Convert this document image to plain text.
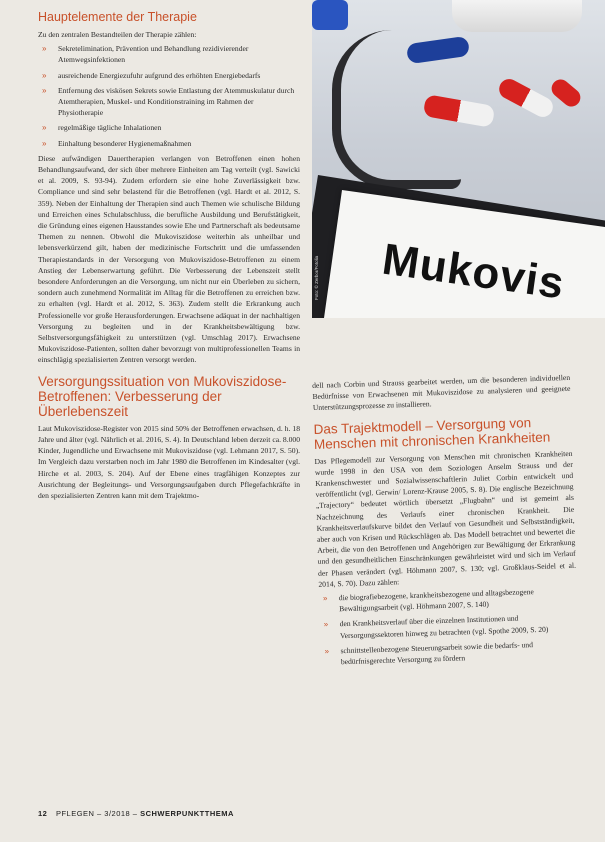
Mukovis
Foto: © Zerbor/Fotolia
Hauptelemente der Therapie

Zu den zentralen Bestandteilen der Therapie zählen:

» Sekretelimination, Prävention und Behandlung rezidivierender Atemwegsinfektionen
» ausreichende Energiezufuhr aufgrund des erhöhten Energiebedarfs
» Entfernung des viskösen Sekrets sowie Entlastung der Atemmuskulatur durch Atemtherapien, Muskel- und Konditionstraining im Rahmen der Physiotherapie
» regelmäßige tägliche Inhalationen
» Einhaltung besonderer Hygienemaßnahmen

Diese aufwändigen Dauertherapien verlangen von Betroffenen einen hohen Behandlungsaufwand, der sich über mehrere Einheiten am Tag verteilt (vgl. Sawicki et al. 2009, S. 93-94). Zudem erfordern sie eine hohe Zuverlässigkeit bzw. Compliance und sind sehr belastend für die Betroffenen (vgl. Hardt et al. 2012, S. 359). Neben der Einhaltung der Therapien sind auch Themen wie schulische Bildung und Erreichen eines Schulabschluss, die berufliche Ausbildung und Berufstätigkeit, die Gründung eines eigenen Hausstandes sowie Ehe und Partnerschaft als bedeutsame Themen zu nennen. Obwohl die Mukoviszidose weiterhin als unheilbar und lebensverkürzend gilt, haben der medizinische Fortschritt und die umfassenden Therapiestandards in der Versorgung von Mukoviszidose-Betroffenen zu einem Anstieg der Lebenserwartung geführt. Die Verbesserung der Lebenszeit stellt besondere Anforderungen an die Versorgung, um nicht nur ein Überleben zu sichern, sondern auch zunehmend Normalität im Alltag für die Betroffenen zu erreichen bzw. zu erhalten (vgl. Hardt et al. 2012, S. 363). Zudem stellt die Erkrankung auch Professionelle vor große Herausforderungen. Erwachsene adäquat in der nachhaltigen Versorgung zu begleiten und in der Krankheitsbewältigung bzw. Selbstversorgungsfähigkeit zu unterstützen (vgl. Umschlag 2017). Erwachsene Mukoviszidose-Patienten, sollten daher bevorzugt von multiprofessionellen Teams in einschlägig spezialisierten Zentren versorgt werden.

Versorgungssituation von Mukoviszidose-Betroffenen: Verbesserung der Überlebenszeit

Laut Mukoviszidose-Register von 2015 sind 50% der Betroffenen erwachsen, d. h. 18 Jahre und älter (vgl. Nährlich et al. 2016, S. 4). In Deutschland leben derzeit ca. 8.000 Kinder, Jugendliche und Erwachsene mit Mukoviszidose (vgl. Lehmann 2017, S. 50). Im Vergleich dazu verstarben noch im Jahr 1980 die Betroffenen im Kindesalter (vgl. Hirche et al. 2003, S. 204). Auf der Ebene eines tragfähigen Konzeptes zur Ausrichtung der Begleitungs- und Versorgungsaufgaben durch Pflegefachkräfte in den spezialisierten Zentren kann mit dem Trajektmo-

dell nach Corbin und Strauss gearbeitet werden, um die besonderen individuellen Bedürfnisse von Erwachsenen mit Mukoviszidose zu analysieren und geeignete Unterstützungsprozesse zu installieren.

Das Trajektmodell – Versorgung von Menschen mit chronischen Krankheiten

Das Pflegemodell zur Versorgung von Menschen mit chronischen Krankheiten wurde 1998 in den USA von dem Soziologen Anselm Strauss und der Krankenschwester und Sozialwissenschaftlerin Juliet Corbin entwickelt und veröffentlicht (vgl. Gerwin/ Lorenz-Krause 2005, S. 8). Die englische Bezeichnung „Trajectory“ bedeutet wörtlich übersetzt „Flugbahn“ und ist gemeint als Nachzeichnung des Verlaufs einer chronischen Krankheit. Die Krankheitsverlaufskurve bildet den Verlauf von Gesundheit und Selbstständigkeit, aber auch von Krisen und Rückschlägen ab. Das Modell betrachtet und bewertet die Arbeit, die von den Betroffenen und Angehörigen zur Bewältigung der Erkrankung und den gesundheitlichen Einschränkungen gewährleistet wird und sich im Verlauf der Phasen verändert (vgl. Höhmann 2007, S. 130; vgl. Großklaus-Seidel et al. 2014, S. 70). Dazu zählen:

» die biografiebezogene, krankheitsbezogene und alltagsbezogene Bewältigungsarbeit (vgl. Höhmann 2007, S. 140)
» den Krankheitsverlauf über die einzelnen Institutionen und Versorgungssektoren hinweg zu betrachten (vgl. Spothe 2009, S. 20)
» schnittstellenbezogene Steuerungsarbeit sowie die bedarfs- und bedürfnisgerechte Versorgung zu fördern
12 PFLEGEN – 3/2018 – SCHWERPUNKTTHEMA
